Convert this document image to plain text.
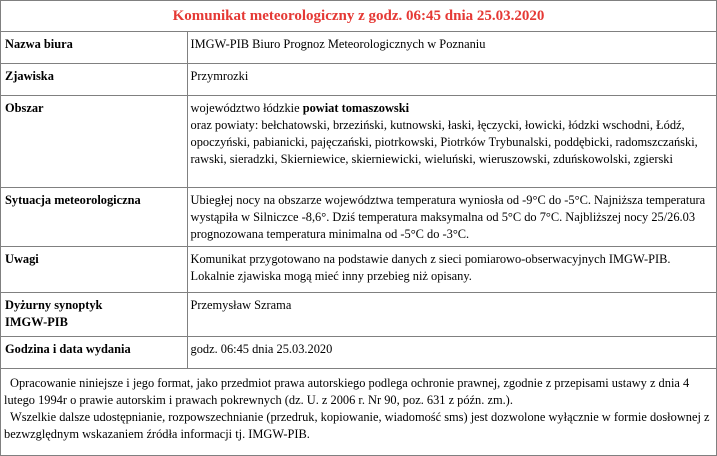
Komunikat meteorologiczny z godz. 06:45 dnia 25.03.2020
Nazwa biura	IMGW-PIB Biuro Prognoz Meteorologicznych w Poznaniu
Zjawiska	Przymrozki
Obszar	województwo łódzkie powiat tomaszowski
oraz powiaty: bełchatowski, brzeziński, kutnowski, łaski, łęczycki, łowicki, łódzki wschodni, Łódź, opoczyński, pabianicki, pajęczański, piotrkowski, Piotrków Trybunalski, poddębicki, radomszczański, rawski, sieradzki, Skierniewice, skierniewicki, wieluński, wieruszowski, zduńskowolski, zgierski

Sytuacja meteorologiczna	Ubiegłej nocy na obszarze województwa temperatura wyniosła od -9°C do -5°C. Najniższa temperatura wystąpiła w Silniczce -8,6°. Dziś temperatura maksymalna od 5°C do 7°C. Najbliższej nocy 25/26.03 prognozowana temperatura minimalna od -5°C do -3°C.
Uwagi	Komunikat przygotowano na podstawie danych z sieci pomiarowo-obserwacyjnych IMGW-PIB. Lokalnie zjawiska mogą mieć inny przebieg niż opisany.

Dyżurny synoptyk
IMGW-PIB	Przemysław Szrama
Godzina i data wydania	godz. 06:45 dnia 25.03.2020

Opracowanie niniejsze i jego format, jako przedmiot prawa autorskiego podlega ochronie prawnej, zgodnie z przepisami ustawy z dnia 4 lutego 1994r o prawie autorskim i prawach pokrewnych (dz. U. z 2006 r. Nr 90, poz. 631 z późn. zm.).

Wszelkie dalsze udostępnianie, rozpowszechnianie (przedruk, kopiowanie, wiadomość sms) jest dozwolone wyłącznie w formie dosłownej z bezwzględnym wskazaniem źródła informacji tj. IMGW-PIB.
